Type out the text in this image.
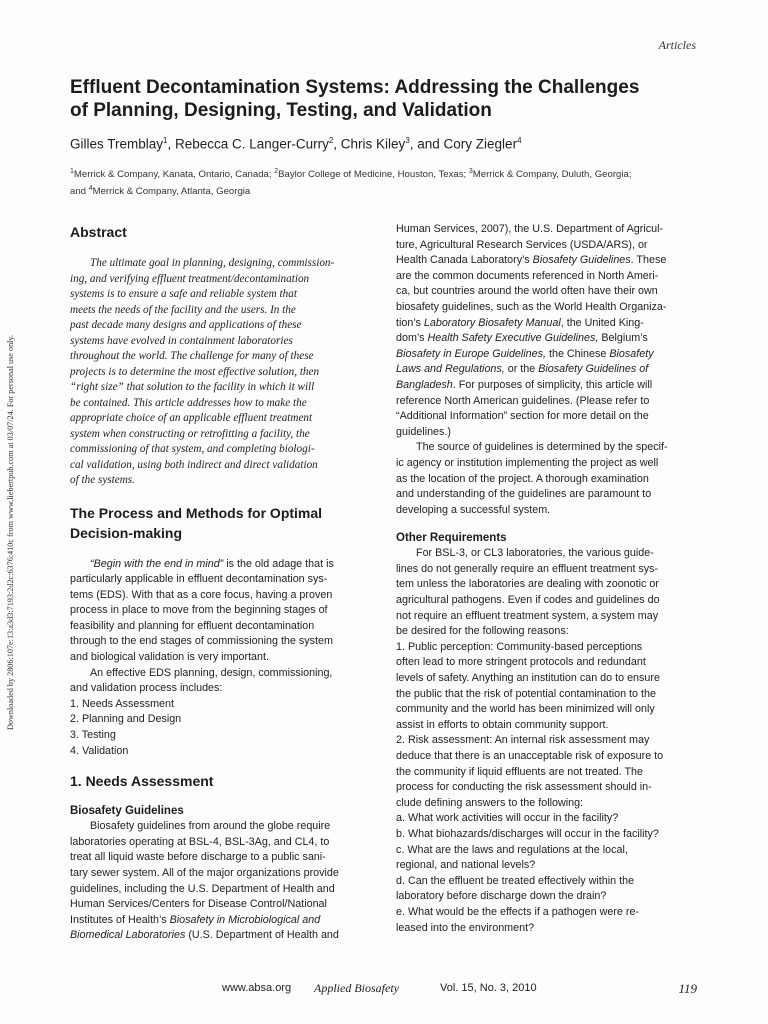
Articles
Effluent Decontamination Systems: Addressing the Challenges
of Planning, Designing, Testing, and Validation
Gilles Tremblay$^1$, Rebecca C. Langer-Curry$^2$, Chris Kiley$^3$, and Cory Ziegler$^4$
$^1$Merrick & Company, Kanata, Ontario, Canada; $^2$Baylor College of Medicine, Houston, Texas; $^3$Merrick & Company, Duluth, Georgia;
and $^4$Merrick & Company, Atlanta, Georgia
Downloaded by 2806:107e:13:a3d3:7193:2d2c:6376:410c from www.liebertpub.com at 03/07/24. For personal use only.
Abstract
The ultimate goal in planning, designing, commission-
ing, and verifying effluent treatment/decontamination
systems is to ensure a safe and reliable system that
meets the needs of the facility and the users. In the
past decade many designs and applications of these
systems have evolved in containment laboratories
throughout the world. The challenge for many of these
projects is to determine the most effective solution, then
“right size” that solution to the facility in which it will
be contained. This article addresses how to make the
appropriate choice of an applicable effluent treatment
system when constructing or retrofitting a facility, the
commissioning of that system, and completing biologi-
cal validation, using both indirect and direct validation
of the systems.
The Process and Methods for Optimal
Decision-making
“Begin with the end in mind” is the old adage that is
particularly applicable in effluent decontamination sys-
tems (EDS). With that as a core focus, having a proven
process in place to move from the beginning stages of
feasibility and planning for effluent decontamination
through to the end stages of commissioning the system
and biological validation is very important.
An effective EDS planning, design, commissioning,
and validation process includes:
1. Needs Assessment
2. Planning and Design
3. Testing
4. Validation
1. Needs Assessment
Biosafety Guidelines
Biosafety guidelines from around the globe require
laboratories operating at BSL-4, BSL-3Ag, and CL4, to
treat all liquid waste before discharge to a public sani-
tary sewer system. All of the major organizations provide
guidelines, including the U.S. Department of Health and
Human Services/Centers for Disease Control/National
Institutes of Health’s Biosafety in Microbiological and
Biomedical Laboratories (U.S. Department of Health and
Human Services, 2007), the U.S. Department of Agricul-
ture, Agricultural Research Services (USDA/ARS), or
Health Canada Laboratory’s Biosafety Guidelines. These
are the common documents referenced in North Ameri-
ca, but countries around the world often have their own
biosafety guidelines, such as the World Health Organiza-
tion’s Laboratory Biosafety Manual, the United King-
dom’s Health Safety Executive Guidelines, Belgium’s
Biosafety in Europe Guidelines, the Chinese Biosafety
Laws and Regulations, or the Biosafety Guidelines of
Bangladesh. For purposes of simplicity, this article will
reference North American guidelines. (Please refer to
“Additional Information” section for more detail on the
guidelines.)
The source of guidelines is determined by the specif-
ic agency or institution implementing the project as well
as the location of the project. A thorough examination
and understanding of the guidelines are paramount to
developing a successful system.
Other Requirements
For BSL-3, or CL3 laboratories, the various guide-
lines do not generally require an effluent treatment sys-
tem unless the laboratories are dealing with zoonotic or
agricultural pathogens. Even if codes and guidelines do
not require an effluent treatment system, a system may
be desired for the following reasons:
1. Public perception: Community-based perceptions
often lead to more stringent protocols and redundant
levels of safety. Anything an institution can do to ensure
the public that the risk of potential contamination to the
community and the world has been minimized will only
assist in efforts to obtain community support.
2. Risk assessment: An internal risk assessment may
deduce that there is an unacceptable risk of exposure to
the community if liquid effluents are not treated. The
process for conducting the risk assessment should in-
clude defining answers to the following:
a. What work activities will occur in the facility?
b. What biohazards/discharges will occur in the facility?
c. What are the laws and regulations at the local,
regional, and national levels?
d. Can the effluent be treated effectively within the
laboratory before discharge down the drain?
e. What would be the effects if a pathogen were re-
leased into the environment?
www.absa.org Applied Biosafety	Vol. 15, No. 3, 2010	119
